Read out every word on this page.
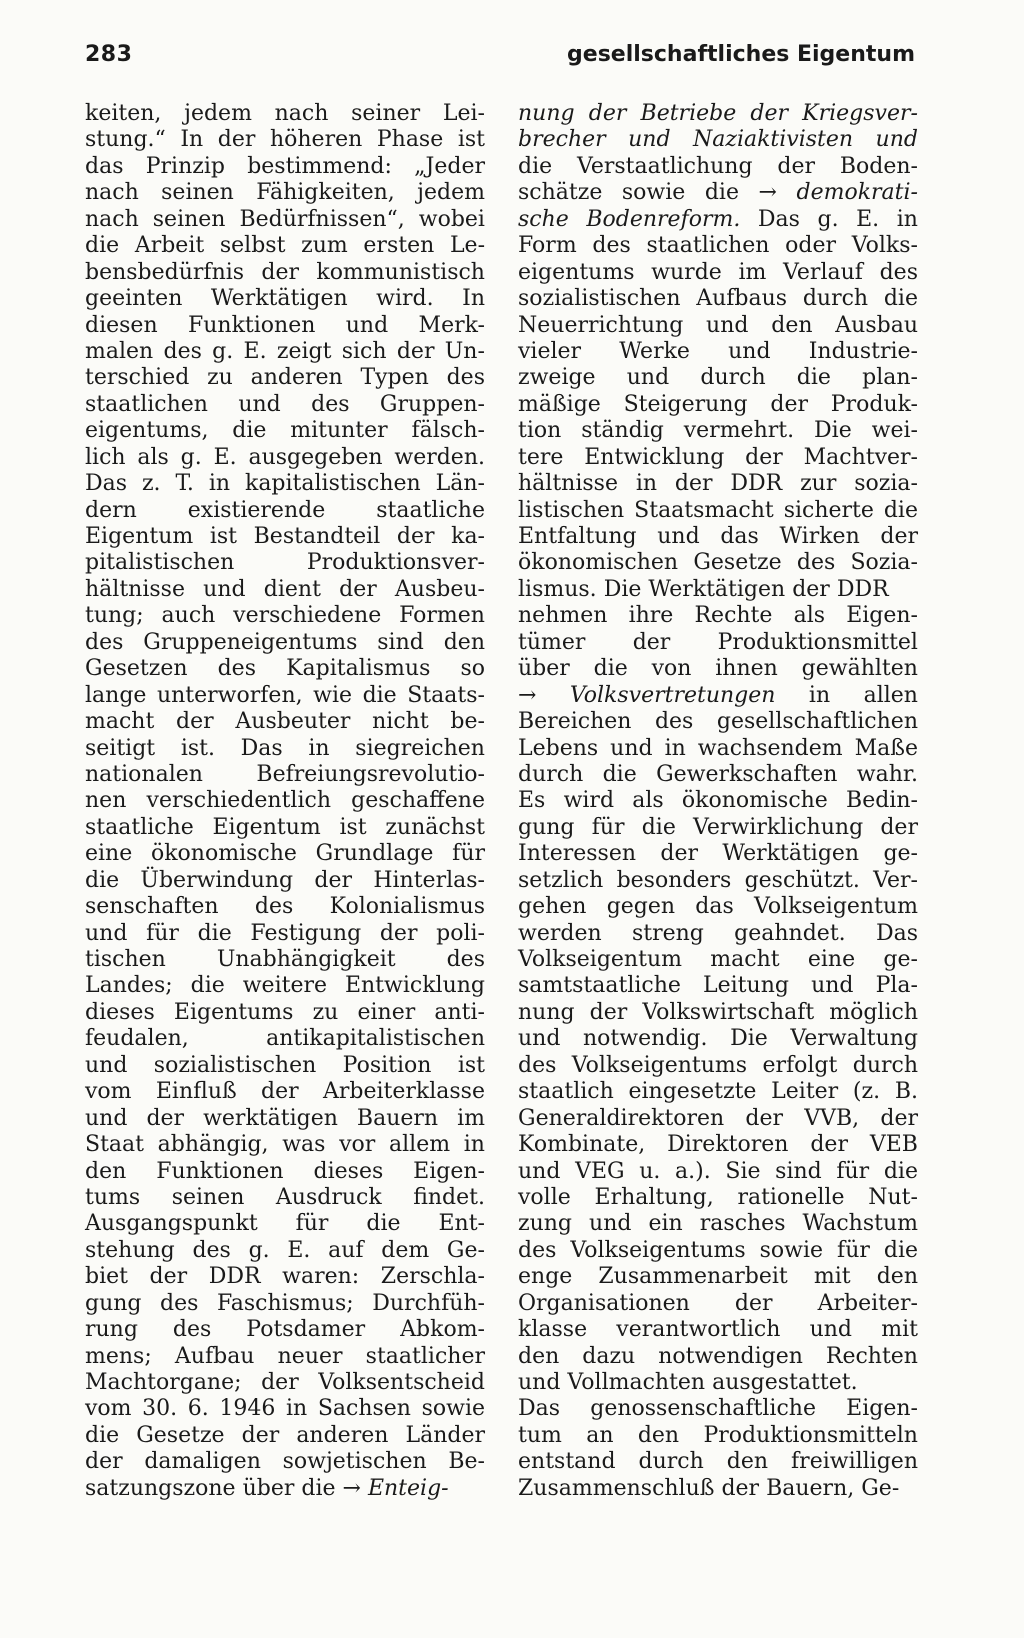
283	gesellschaftliches Eigentum
keiten, jedem nach seiner Lei-
stung.“ In der höheren Phase ist
das Prinzip bestimmend: „Jeder
nach seinen Fähigkeiten, jedem
nach seinen Bedürfnissen“, wobei
die Arbeit selbst zum ersten Le-
bensbedürfnis der kommunistisch
geeinten Werktätigen wird. In
diesen Funktionen und Merk-
malen des g. E. zeigt sich der Un-
terschied zu anderen Typen des
staatlichen und des Gruppen-
eigentums, die mitunter fälsch-
lich als g. E. ausgegeben werden.
Das z. T. in kapitalistischen Län-
dern existierende staatliche
Eigentum ist Bestandteil der ka-
pitalistischen	Produktionsver-
hältnisse und dient der Ausbeu-
tung; auch verschiedene Formen
des Gruppeneigentums sind den
Gesetzen des Kapitalismus so
lange unterworfen, wie die Staats-
macht der Ausbeuter nicht be-
seitigt ist. Das in siegreichen
nationalen Befreiungsrevolutio-
nen verschiedentlich geschaffene
staatliche Eigentum ist zunächst
eine ökonomische Grundlage für
die Überwindung der Hinterlas-
senschaften des Kolonialismus
und für die Festigung der poli-
tischen Unabhängigkeit des
Landes; die weitere Entwicklung
dieses Eigentums zu einer anti-
feudalen,	antikapitalistischen
und sozialistischen Position ist
vom Einfluß der Arbeiterklasse
und der werktätigen Bauern im
Staat abhängig, was vor allem in
den Funktionen dieses Eigen-
tums seinen Ausdruck findet.
Ausgangspunkt für die Ent-
stehung des g. E. auf dem Ge-
biet der DDR waren: Zerschla-
gung des Faschismus; Durchfüh-
rung des Potsdamer Abkom-
mens; Aufbau neuer staatlicher
Machtorgane; der Volksentscheid
vom 30. 6. 1946 in Sachsen sowie
die Gesetze der anderen Länder
der damaligen sowjetischen Be-
satzungszone über die → Enteig-
nung der Betriebe der Kriegsver-
brecher und Naziaktivisten und
die Verstaatlichung der Boden-
schätze sowie die → demokrati-
sche Bodenreform. Das g. E. in
Form des staatlichen oder Volks-
eigentums wurde im Verlauf des
sozialistischen Aufbaus durch die
Neuerrichtung und den Ausbau
vieler Werke und Industrie-
zweige und durch die plan-
mäßige Steigerung der Produk-
tion ständig vermehrt. Die wei-
tere Entwicklung der Machtver-
hältnisse in der DDR zur sozia-
listischen Staatsmacht sicherte die
Entfaltung und das Wirken der
ökonomischen Gesetze des Sozia-
lismus. Die Werktätigen der DDR
nehmen ihre Rechte als Eigen-
tümer der Produktionsmittel
über die von ihnen gewählten
→ Volksvertretungen in allen
Bereichen des gesellschaftlichen
Lebens und in wachsendem Maße
durch die Gewerkschaften wahr.
Es wird als ökonomische Bedin-
gung für die Verwirklichung der
Interessen der Werktätigen ge-
setzlich besonders geschützt. Ver-
gehen gegen das Volkseigentum
werden streng geahndet. Das
Volkseigentum macht eine ge-
samtstaatliche Leitung und Pla-
nung der Volkswirtschaft möglich
und notwendig. Die Verwaltung
des Volkseigentums erfolgt durch
staatlich eingesetzte Leiter (z. B.
Generaldirektoren der VVB, der
Kombinate, Direktoren der VEB
und VEG u. a.). Sie sind für die
volle Erhaltung, rationelle Nut-
zung und ein rasches Wachstum
des Volkseigentums sowie für die
enge Zusammenarbeit mit den
Organisationen der Arbeiter-
klasse verantwortlich und mit
den dazu notwendigen Rechten
und Vollmachten ausgestattet.
Das genossenschaftliche Eigen-
tum an den Produktionsmitteln
entstand durch den freiwilligen
Zusammenschluß der Bauern, Ge-
